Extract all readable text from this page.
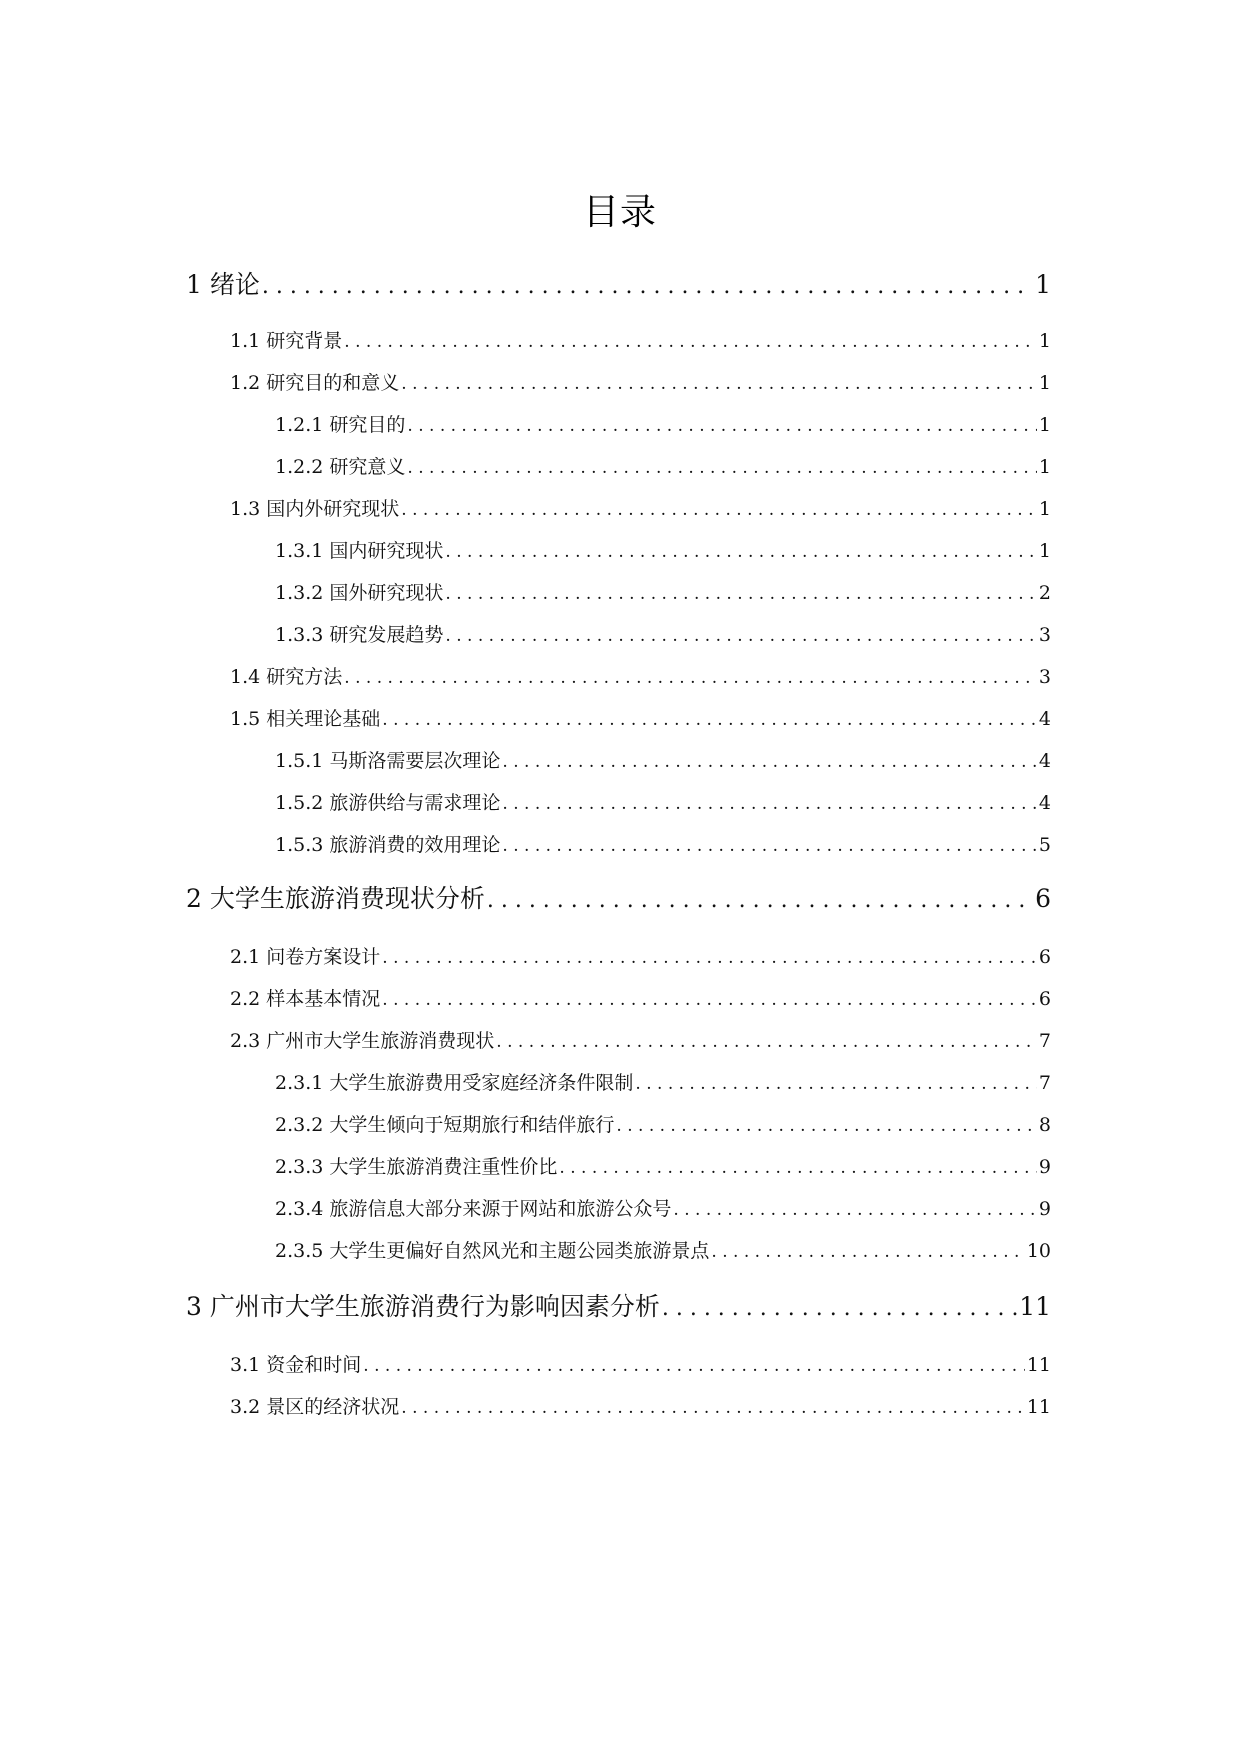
目录
1 绪论 . . .	1
1.1 研究背景 . . .	1
1.2 研究目的和意义 . . .	1
1.2.1 研究目的 . . .	1
1.2.2 研究意义 . . .	1
1.3 国内外研究现状 . . .	1
1.3.1 国内研究现状 . . .	1
1.3.2 国外研究现状 . . .	2
1.3.3 研究发展趋势 . . .	3
1.4 研究方法 . . .	3
1.5 相关理论基础 . . .	4
1.5.1 马斯洛需要层次理论 . . .	4
1.5.2 旅游供给与需求理论 . . .	4
1.5.3 旅游消费的效用理论 . . .	5
2 大学生旅游消费现状分析 . . .	6
2.1 问卷方案设计 . . .	6
2.2 样本基本情况 . . .	6
2.3 广州市大学生旅游消费现状 . . .	7
2.3.1 大学生旅游费用受家庭经济条件限制 . . .	7
2.3.2 大学生倾向于短期旅行和结伴旅行 . . .	8
2.3.3 大学生旅游消费注重性价比 . . .	9
2.3.4 旅游信息大部分来源于网站和旅游公众号 . . .	9
2.3.5 大学生更偏好自然风光和主题公园类旅游景点 . . .	10
3 广州市大学生旅游消费行为影响因素分析 . . .	11
3.1 资金和时间 . . .	11
3.2 景区的经济状况 . . .	11
